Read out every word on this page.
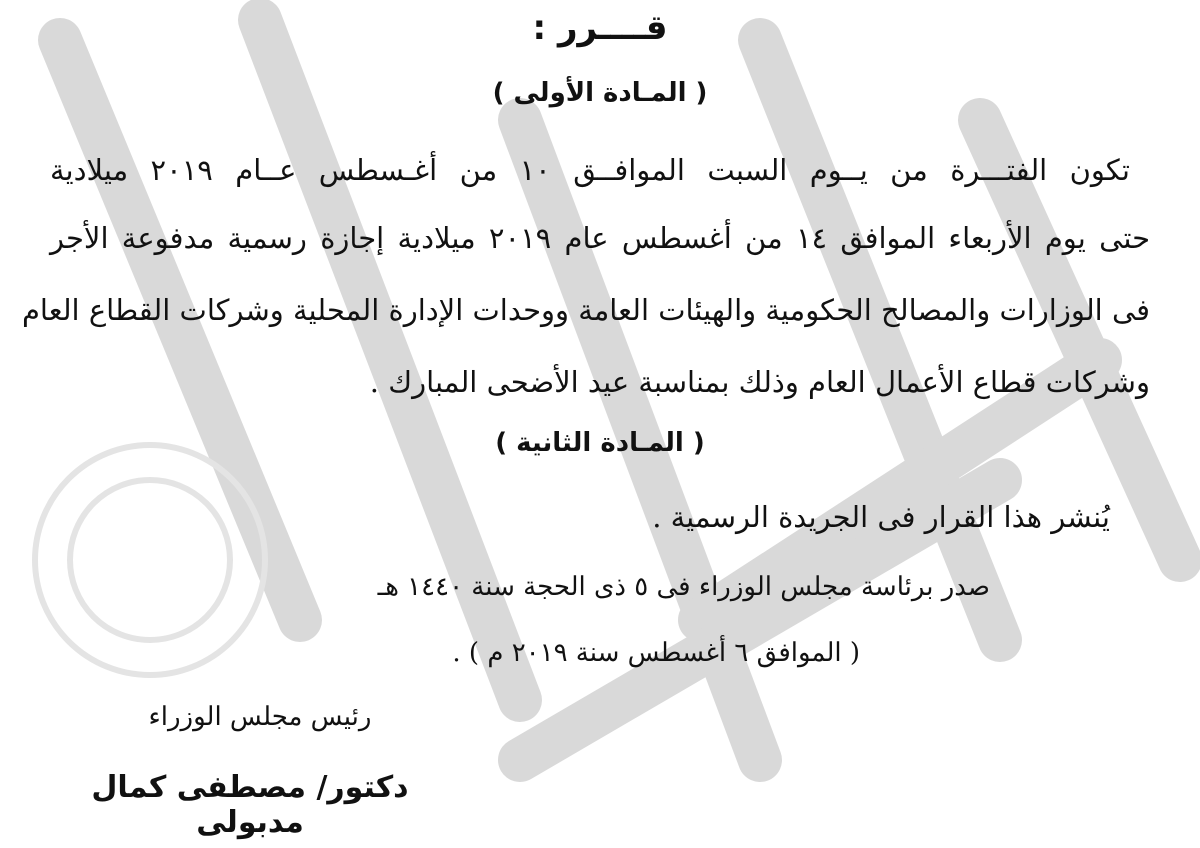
قــــرر :
( المـادة الأولى )
تكون الفتـــرة من يــوم السبت الموافــق ١٠ من أغـسطس عــام ٢٠١٩ ميلادية
حتى يوم الأربعاء الموافق ١٤ من أغسطس عام ٢٠١٩ ميلادية إجازة رسمية مدفوعة الأجر
فى الوزارات والمصالح الحكومية والهيئات العامة ووحدات الإدارة المحلية وشركات القطاع العام
وشركات قطاع الأعمال العام وذلك بمناسبة عيد الأضحى المبارك .
( المـادة الثانية )
يُنشر هذا القرار فى الجريدة الرسمية .
صدر برئاسة مجلس الوزراء فى ٥ ذى الحجة سنة ١٤٤٠ هـ
( الموافق ٦ أغسطس سنة ٢٠١٩ م ) .
رئيس مجلس الوزراء
دكتور/ مصطفى كمال مدبولى
